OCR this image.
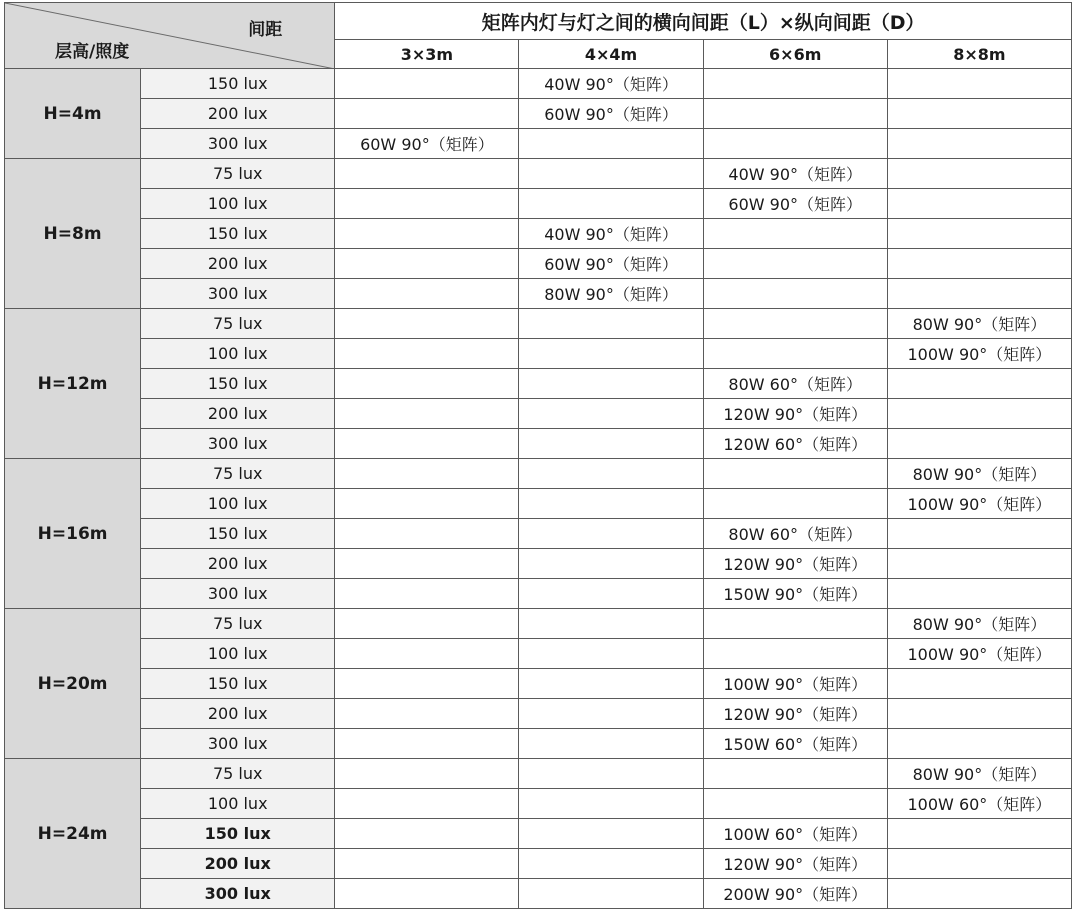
间距
层高/照度		矩阵内灯与灯之间的横向间距（L）×纵向间距（D）			
		3×3m	4×4m	6×6m	8×8m
H=4m	150 lux		40W 90°（矩阵）		
	200 lux		60W 90°（矩阵）		
	300 lux	60W 90°（矩阵）			
H=8m	75 lux			40W 90°（矩阵）	
	100 lux			60W 90°（矩阵）	
	150 lux		40W 90°（矩阵）		
	200 lux		60W 90°（矩阵）		
	300 lux		80W 90°（矩阵）		
H=12m	75 lux				80W 90°（矩阵）
	100 lux				100W 90°（矩阵）
	150 lux			80W 60°（矩阵）	
	200 lux			120W 90°（矩阵）	
	300 lux			120W 60°（矩阵）	
H=16m	75 lux				80W 90°（矩阵）
	100 lux				100W 90°（矩阵）
	150 lux			80W 60°（矩阵）	
	200 lux			120W 90°（矩阵）	
	300 lux			150W 90°（矩阵）	
H=20m	75 lux				80W 90°（矩阵）
	100 lux				100W 90°（矩阵）
	150 lux			100W 90°（矩阵）	
	200 lux			120W 90°（矩阵）	
	300 lux			150W 60°（矩阵）	
H=24m	75 lux				80W 90°（矩阵）
	100 lux				100W 60°（矩阵）
	150 lux			100W 60°（矩阵）	
	200 lux			120W 90°（矩阵）	
	300 lux			200W 90°（矩阵）	
